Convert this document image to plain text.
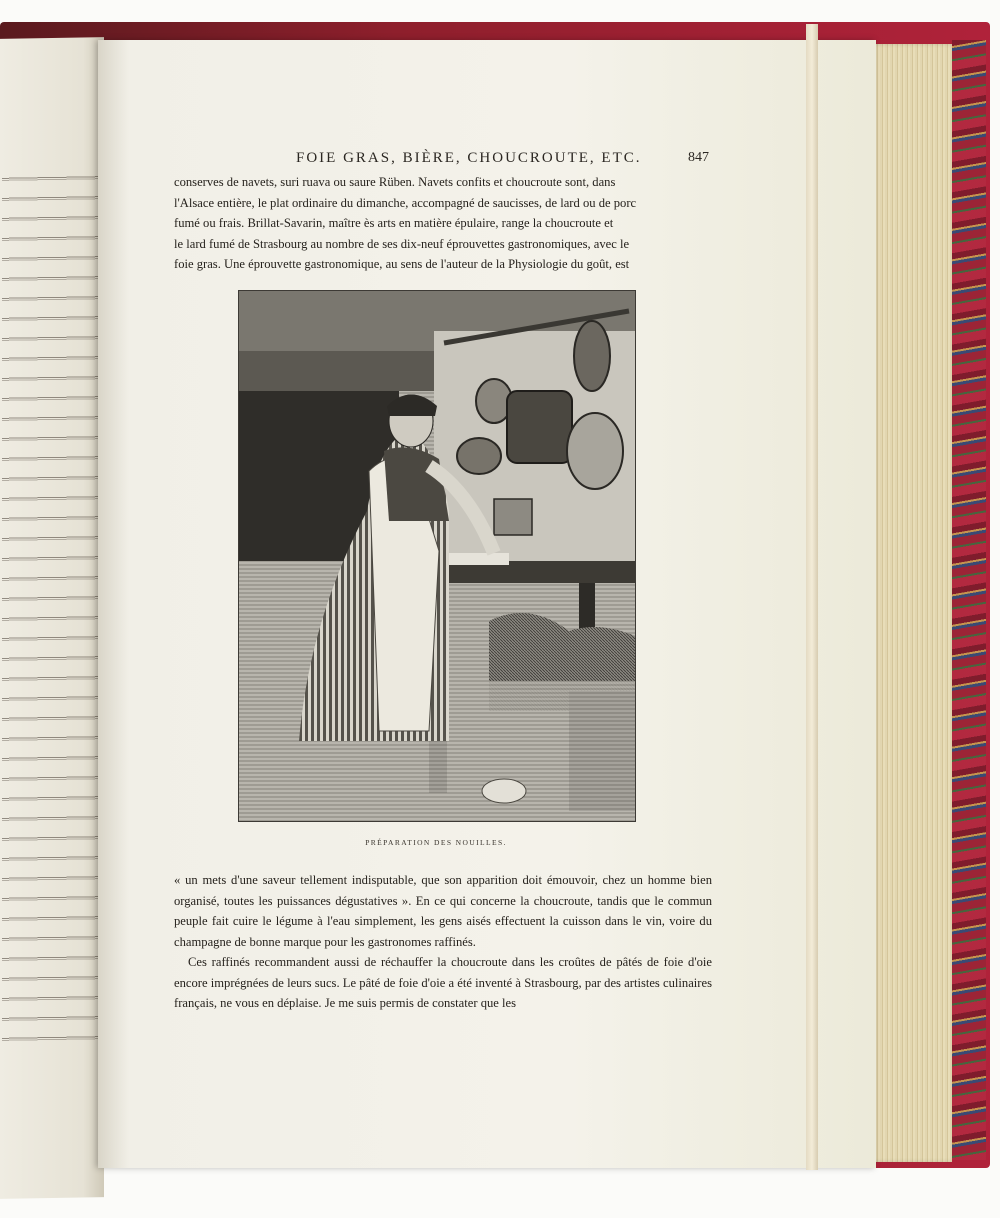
FOIE GRAS, BIÈRE, CHOUCROUTE, ETC.	847

conserves de navets, suri ruava ou saure Rüben. Navets confits et choucroute sont, dans

l'Alsace entière, le plat ordinaire du dimanche, accompagné de saucisses, de lard ou de porc

fumé ou frais. Brillat-Savarin, maître ès arts en matière épulaire, range la choucroute et

le lard fumé de Strasbourg au nombre de ses dix-neuf éprouvettes gastronomiques, avec le

foie gras. Une éprouvette gastronomique, au sens de l'auteur de la Physiologie du goût, est

PRÉPARATION DES NOUILLES.

« un mets d'une saveur tellement indisputable, que son apparition doit émouvoir, chez un homme bien organisé, toutes les puissances dégustatives ». En ce qui concerne la choucroute, tandis que le commun peuple fait cuire le légume à l'eau simplement, les gens aisés effectuent la cuisson dans le vin, voire du champagne de bonne marque pour les gastronomes raffinés.

Ces raffinés recommandent aussi de réchauffer la choucroute dans les croûtes de pâtés de foie d'oie encore imprégnées de leurs sucs. Le pâté de foie d'oie a été inventé à Strasbourg, par des artistes culinaires français, ne vous en déplaise. Je me suis permis de constater que les
